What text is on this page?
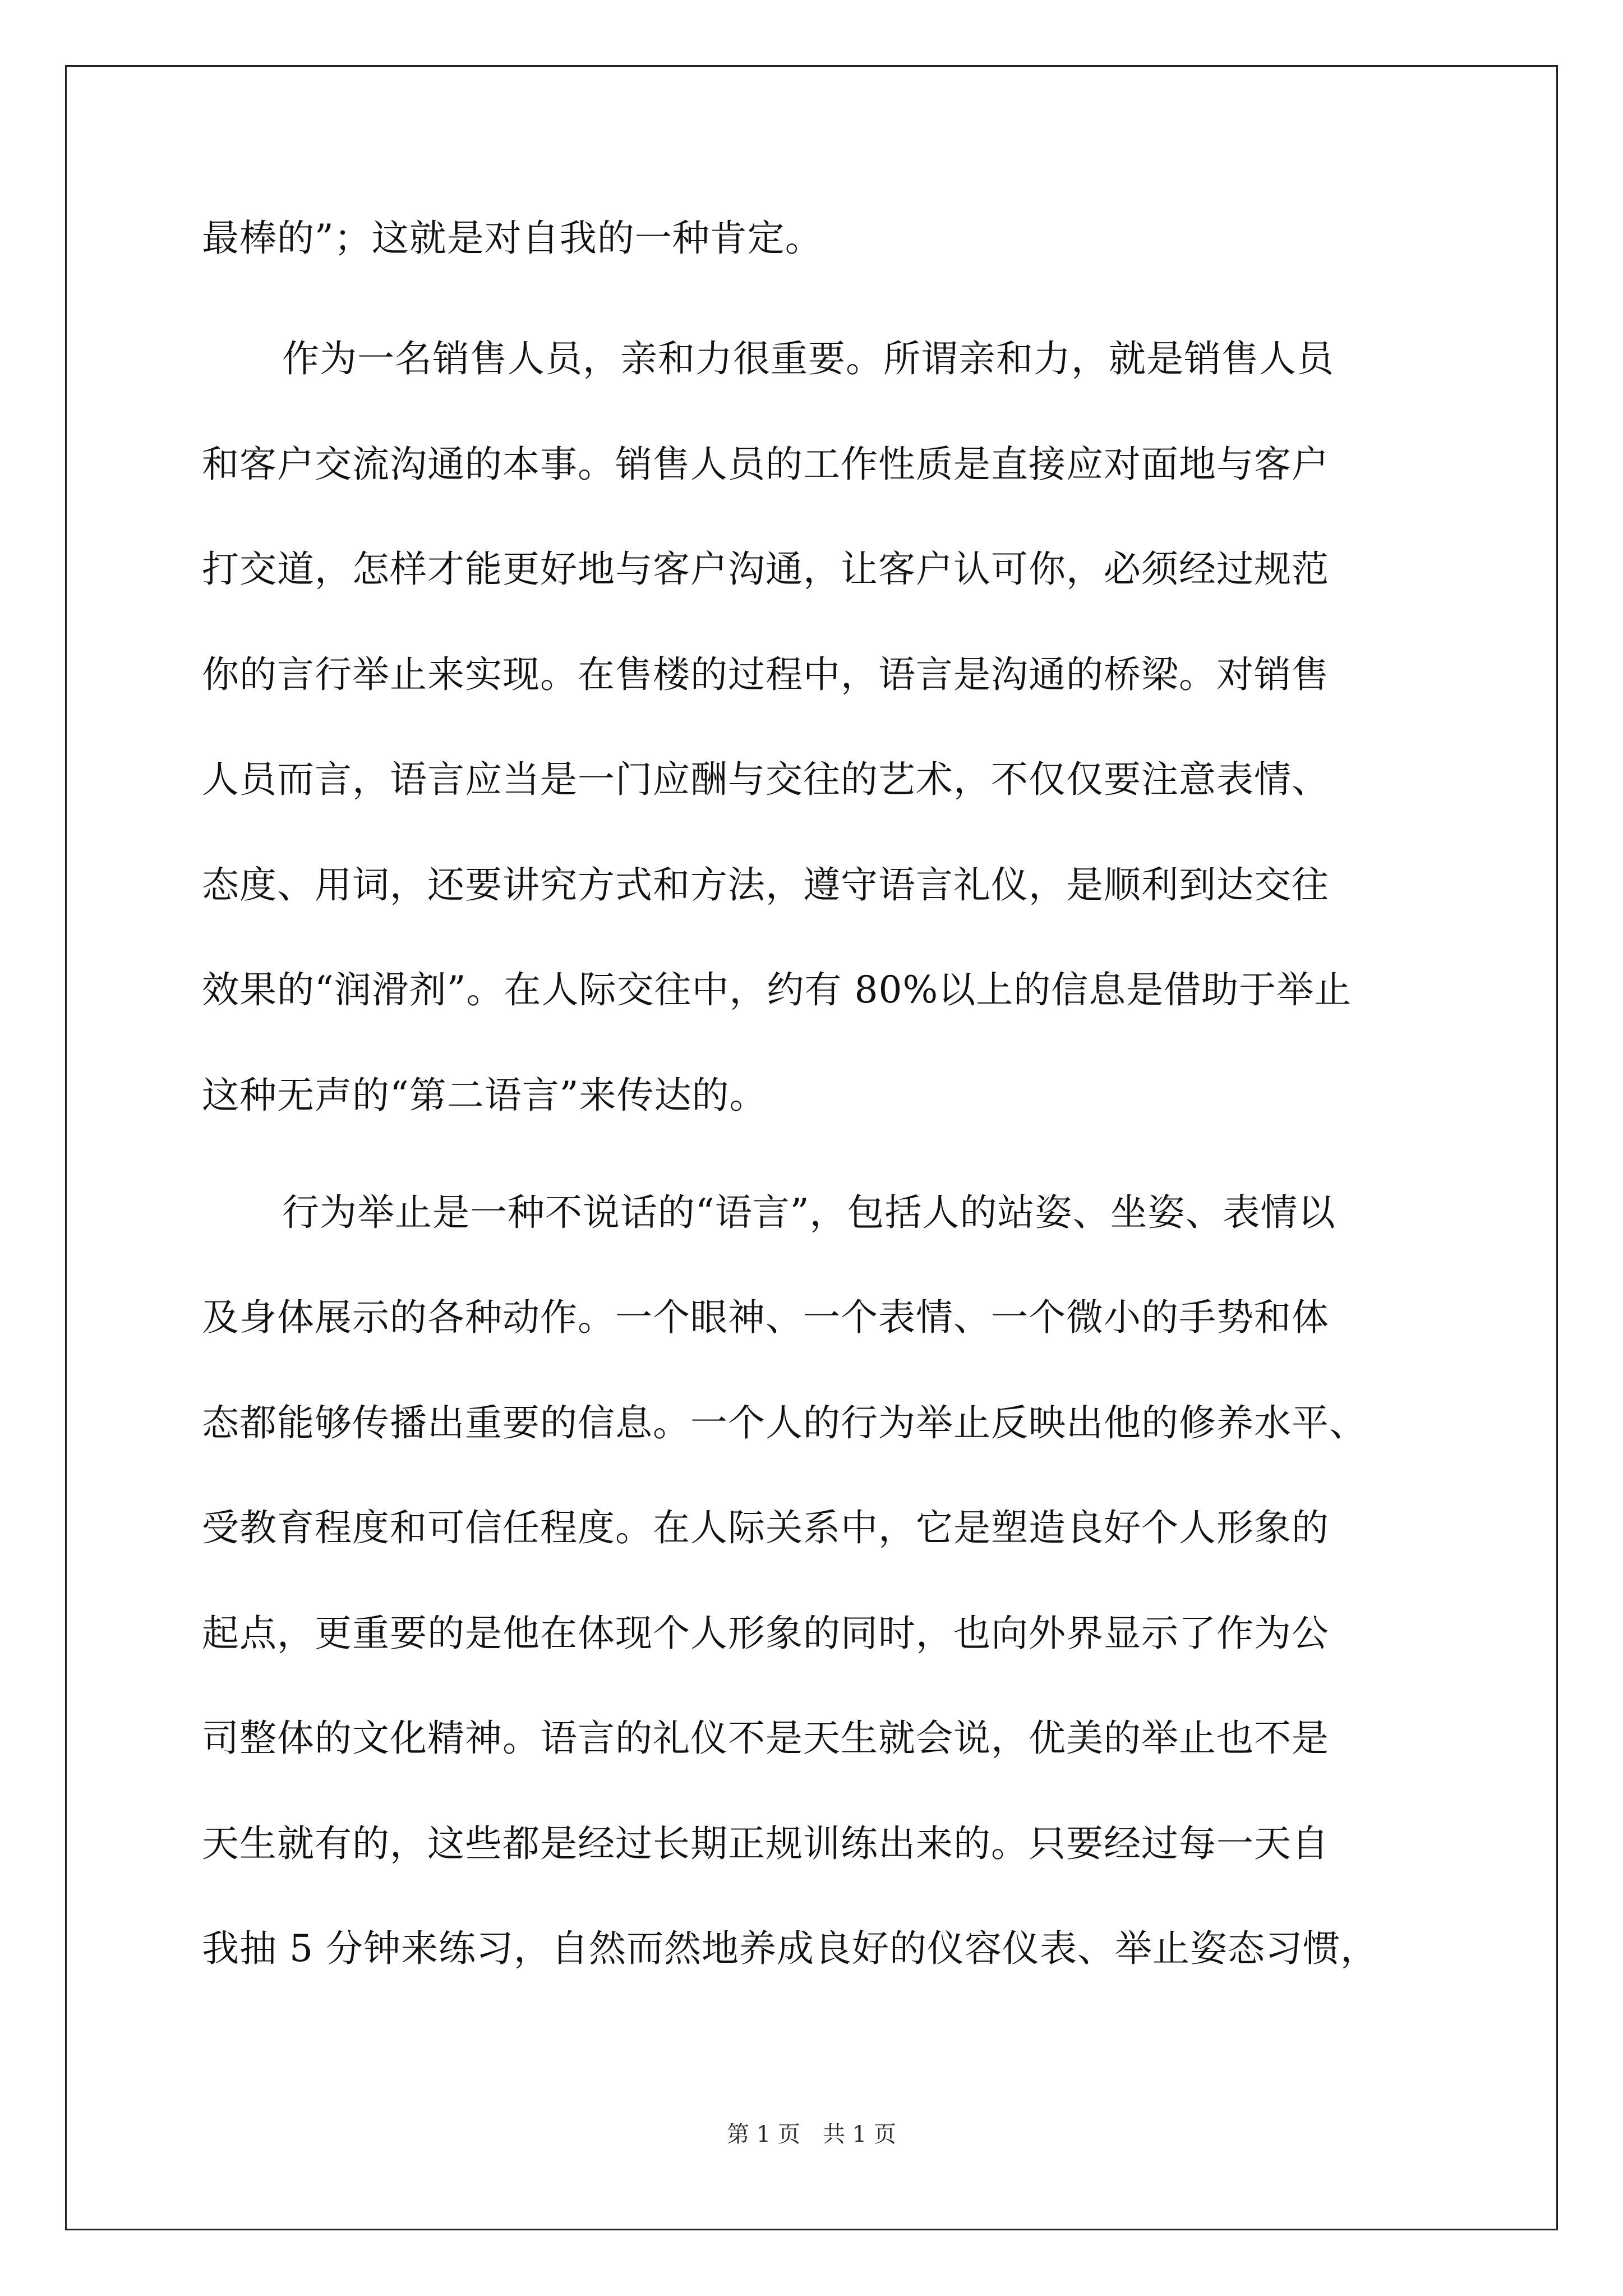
最棒的”；这就是对自我的一种肯定。
作为一名销售人员，亲和力很重要。所谓亲和力，就是销售人员
和客户交流沟通的本事。销售人员的工作性质是直接应对面地与客户
打交道，怎样才能更好地与客户沟通，让客户认可你，必须经过规范
你的言行举止来实现。在售楼的过程中，语言是沟通的桥梁。对销售
人员而言，语言应当是一门应酬与交往的艺术，不仅仅要注意表情、
态度、用词，还要讲究方式和方法，遵守语言礼仪，是顺利到达交往
效果的“润滑剂”。在人际交往中，约有 80%以上的信息是借助于举止
这种无声的“第二语言”来传达的。
行为举止是一种不说话的“语言”，包括人的站姿、坐姿、表情以
及身体展示的各种动作。一个眼神、一个表情、一个微小的手势和体
态都能够传播出重要的信息。一个人的行为举止反映出他的修养水平、
受教育程度和可信任程度。在人际关系中，它是塑造良好个人形象的
起点，更重要的是他在体现个人形象的同时，也向外界显示了作为公
司整体的文化精神。语言的礼仪不是天生就会说，优美的举止也不是
天生就有的，这些都是经过长期正规训练出来的。只要经过每一天自
我抽 5 分钟来练习，自然而然地养成良好的仪容仪表、举止姿态习惯，
第 1 页　共 1 页
